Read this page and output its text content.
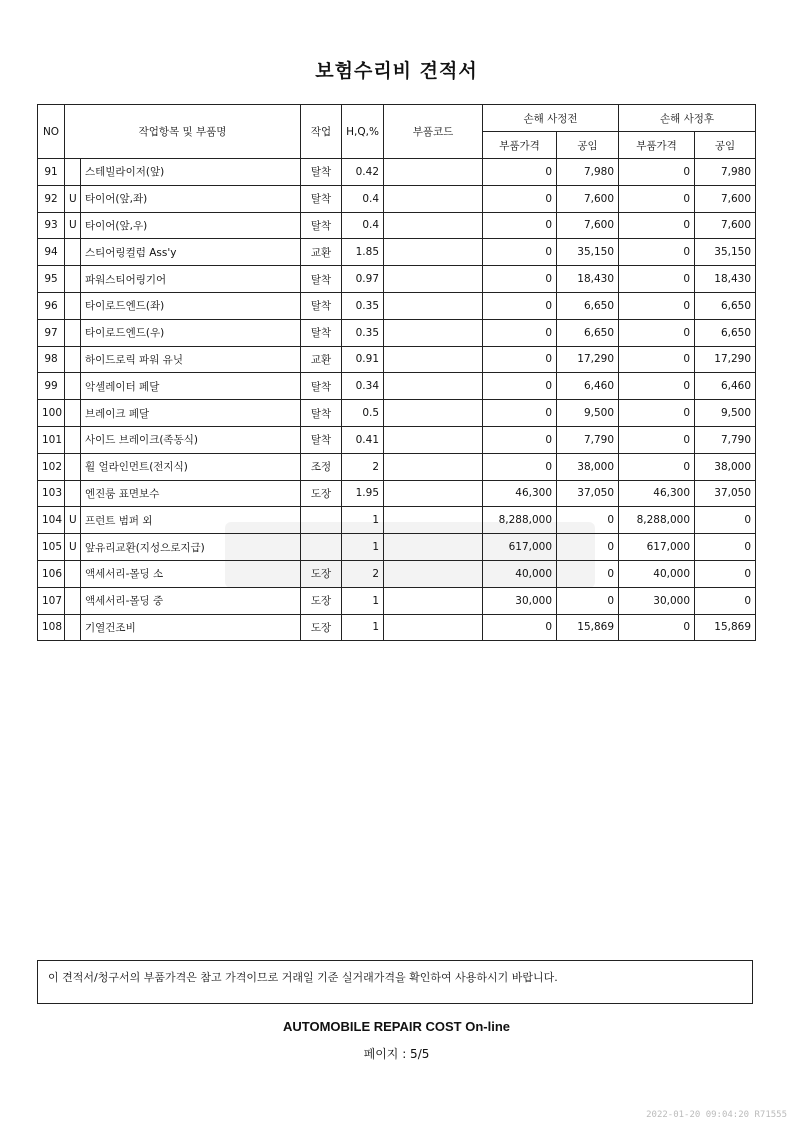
보험수리비 견적서
NO	작업항목 및 부품명		작업	H,Q,%	부품코드	손해 사정전		손해 사정후	
						부품가격	공임	부품가격	공임
91		스테빌라이저(앞)	탈착	0.42		0	7,980	0	7,980
92	U	타이어(앞,좌)	탈착	0.4		0	7,600	0	7,600
93	U	타이어(앞,우)	탈착	0.4		0	7,600	0	7,600
94		스티어링컬럼 Ass'y	교환	1.85		0	35,150	0	35,150
95		파워스티어링기어	탈착	0.97		0	18,430	0	18,430
96		타이로드엔드(좌)	탈착	0.35		0	6,650	0	6,650
97		타이로드엔드(우)	탈착	0.35		0	6,650	0	6,650
98		하이드로릭 파워 유닛	교환	0.91		0	17,290	0	17,290
99		악셀레이터 페달	탈착	0.34		0	6,460	0	6,460
100		브레이크 페달	탈착	0.5		0	9,500	0	9,500
101		사이드 브레이크(족동식)	탈착	0.41		0	7,790	0	7,790
102		휠 얼라인먼트(전지식)	조정	2		0	38,000	0	38,000
103		엔진룸 표면보수	도장	1.95		46,300	37,050	46,300	37,050
104	U	프런트 범퍼 외		1		8,288,000	0	8,288,000	0
105	U	앞유리교환(지성으로지급)		1		617,000	0	617,000	0
106		액세서리-몰딩 소	도장	2		40,000	0	40,000	0
107		액세서리-몰딩 중	도장	1		30,000	0	30,000	0
108		기열건조비	도장	1		0	15,869	0	15,869
이 견적서/청구서의 부품가격은 참고 가격이므로 거래일 기준 실거래가격을 확인하여 사용하시기 바랍니다.
AUTOMOBILE REPAIR COST On-line
페이지 : 5/5
2022-01-20 09:04:20 R71555
